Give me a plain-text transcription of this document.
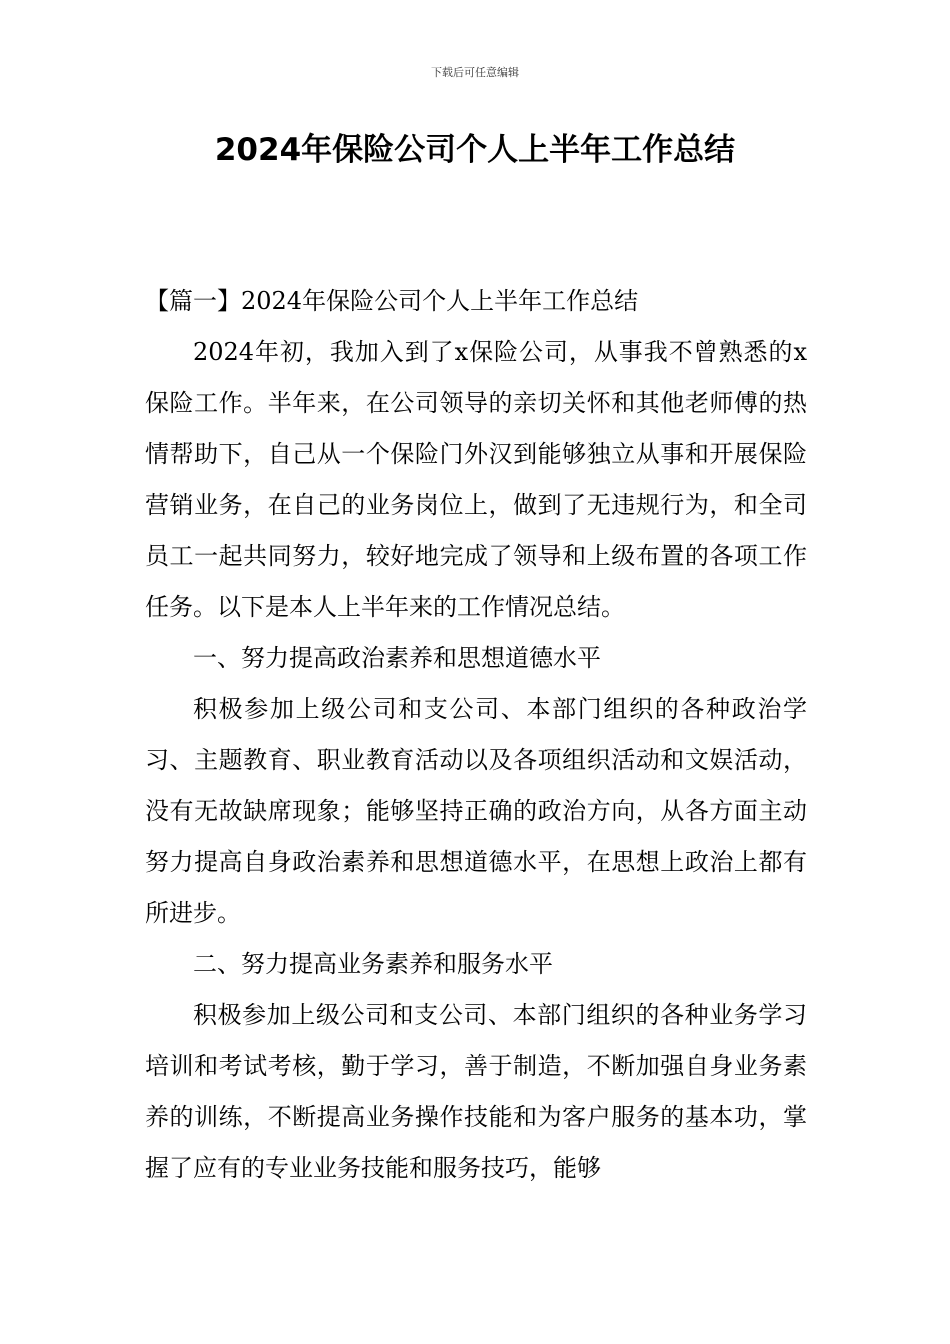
下载后可任意编辑
2024年保险公司个人上半年工作总结

【篇一】2024年保险公司个人上半年工作总结

2024年初，我加入到了x保险公司，从事我不曾熟悉的x保险工作。半年来，在公司领导的亲切关怀和其他老师傅的热情帮助下，自己从一个保险门外汉到能够独立从事和开展保险营销业务，在自己的业务岗位上，做到了无违规行为，和全司员工一起共同努力，较好地完成了领导和上级布置的各项工作任务。以下是本人上半年来的工作情况总结。

一、努力提高政治素养和思想道德水平

积极参加上级公司和支公司、本部门组织的各种政治学习、主题教育、职业教育活动以及各项组织活动和文娱活动，没有无故缺席现象；能够坚持正确的政治方向，从各方面主动努力提高自身政治素养和思想道德水平，在思想上政治上都有所进步。

二、努力提高业务素养和服务水平

积极参加上级公司和支公司、本部门组织的各种业务学习培训和考试考核，勤于学习，善于制造，不断加强自身业务素养的训练，不断提高业务操作技能和为客户服务的基本功，掌握了应有的专业业务技能和服务技巧，能够
